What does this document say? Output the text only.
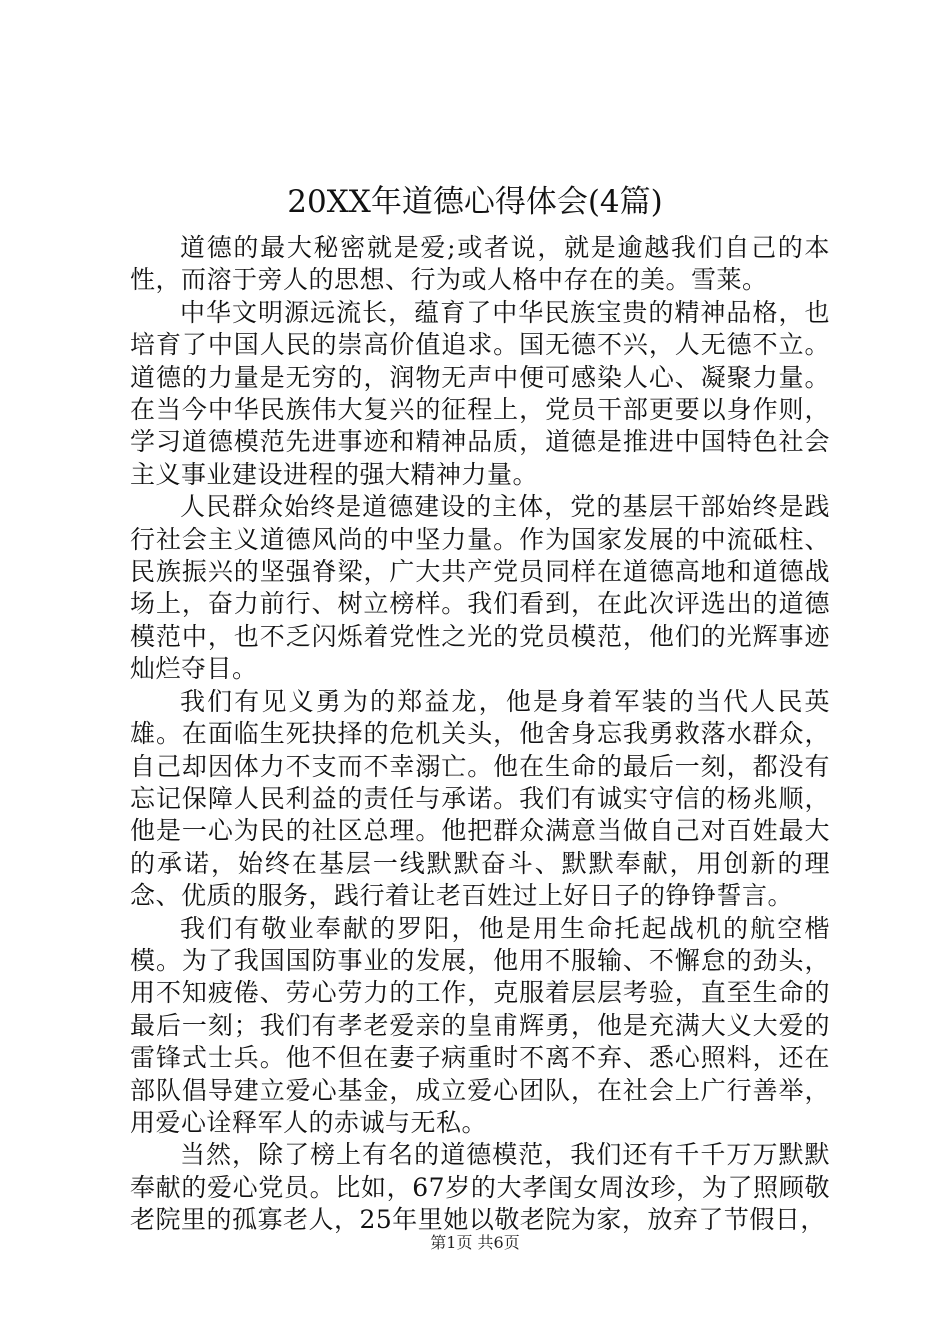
20XX年道德心得体会(4篇)

道德的最大秘密就是爱;或者说，就是逾越我们自己的本性，而溶于旁人的思想、行为或人格中存在的美。雪莱。

中华文明源远流长，蕴育了中华民族宝贵的精神品格，也培育了中国人民的崇高价值追求。国无德不兴，人无德不立。道德的力量是无穷的，润物无声中便可感染人心、凝聚力量。在当今中华民族伟大复兴的征程上，党员干部更要以身作则，学习道德模范先进事迹和精神品质，道德是推进中国特色社会主义事业建设进程的强大精神力量。

人民群众始终是道德建设的主体，党的基层干部始终是践行社会主义道德风尚的中坚力量。作为国家发展的中流砥柱、民族振兴的坚强脊梁，广大共产党员同样在道德高地和道德战场上，奋力前行、树立榜样。我们看到，在此次评选出的道德模范中，也不乏闪烁着党性之光的党员模范，他们的光辉事迹灿烂夺目。

我们有见义勇为的郑益龙，他是身着军装的当代人民英雄。在面临生死抉择的危机关头，他舍身忘我勇救落水群众，自己却因体力不支而不幸溺亡。他在生命的最后一刻，都没有忘记保障人民利益的责任与承诺。我们有诚实守信的杨兆顺，他是一心为民的社区总理。他把群众满意当做自己对百姓最大的承诺，始终在基层一线默默奋斗、默默奉献，用创新的理念、优质的服务，践行着让老百姓过上好日子的铮铮誓言。

我们有敬业奉献的罗阳，他是用生命托起战机的航空楷模。为了我国国防事业的发展，他用不服输、不懈怠的劲头，用不知疲倦、劳心劳力的工作，克服着层层考验，直至生命的最后一刻；我们有孝老爱亲的皇甫辉勇，他是充满大义大爱的雷锋式士兵。他不但在妻子病重时不离不弃、悉心照料，还在部队倡导建立爱心基金，成立爱心团队，在社会上广行善举，用爱心诠释军人的赤诚与无私。

当然，除了榜上有名的道德模范，我们还有千千万万默默奉献的爱心党员。比如，67岁的大孝闺女周汝珍，为了照顾敬老院里的孤寡老人，25年里她以敬老院为家，放弃了节假日，

第1页 共6页
